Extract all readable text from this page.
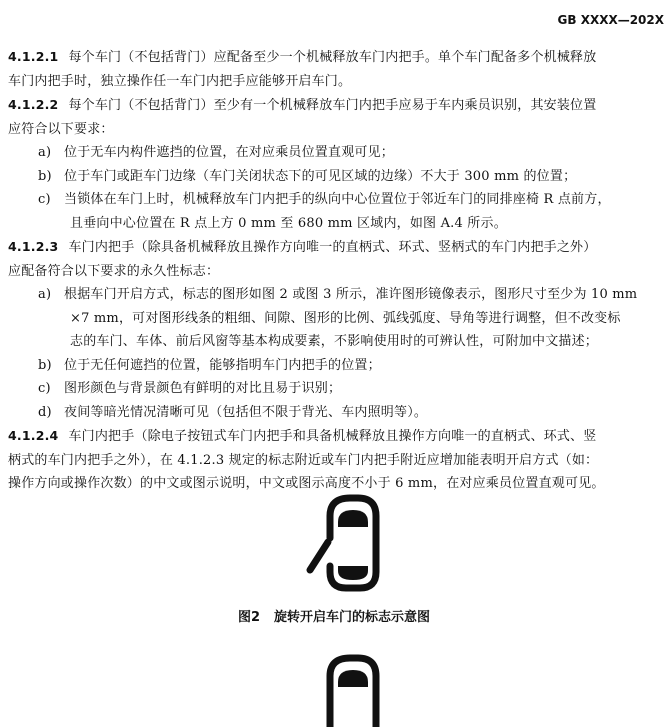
GB XXXX—202X
4.1.2.1 每个车门（不包括背门）应配备至少一个机械释放车门内把手。单个车门配备多个机械释放
车门内把手时，独立操作任一车门内把手应能够开启车门。
4.1.2.2 每个车门（不包括背门）至少有一个机械释放车门内把手应易于车内乘员识别，其安装位置
应符合以下要求：
a) 位于无车内构件遮挡的位置，在对应乘员位置直观可见；
b) 位于车门或距车门边缘（车门关闭状态下的可见区域的边缘）不大于 300 mm 的位置；
c) 当锁体在车门上时，机械释放车门内把手的纵向中心位置位于邻近车门的同排座椅 R 点前方，
且垂向中心位置在 R 点上方 0 mm 至 680 mm 区域内，如图 A.4 所示。
4.1.2.3 车门内把手（除具备机械释放且操作方向唯一的直柄式、环式、竖柄式的车门内把手之外）
应配备符合以下要求的永久性标志：
a) 根据车门开启方式，标志的图形如图 2 或图 3 所示，准许图形镜像表示，图形尺寸至少为 10 mm
×7 mm，可对图形线条的粗细、间隙、图形的比例、弧线弧度、导角等进行调整，但不改变标
志的车门、车体、前后风窗等基本构成要素，不影响使用时的可辨认性，可附加中文描述；
b) 位于无任何遮挡的位置，能够指明车门内把手的位置；
c) 图形颜色与背景颜色有鲜明的对比且易于识别；
d) 夜间等暗光情况清晰可见（包括但不限于背光、车内照明等）。
4.1.2.4 车门内把手（除电子按钮式车门内把手和具备机械释放且操作方向唯一的直柄式、环式、竖
柄式的车门内把手之外），在 4.1.2.3 规定的标志附近或车门内把手附近应增加能表明开启方式（如：
操作方向或操作次数）的中文或图示说明，中文或图示高度不小于 6 mm，在对应乘员位置直观可见。
图2 旋转开启车门的标志示意图
